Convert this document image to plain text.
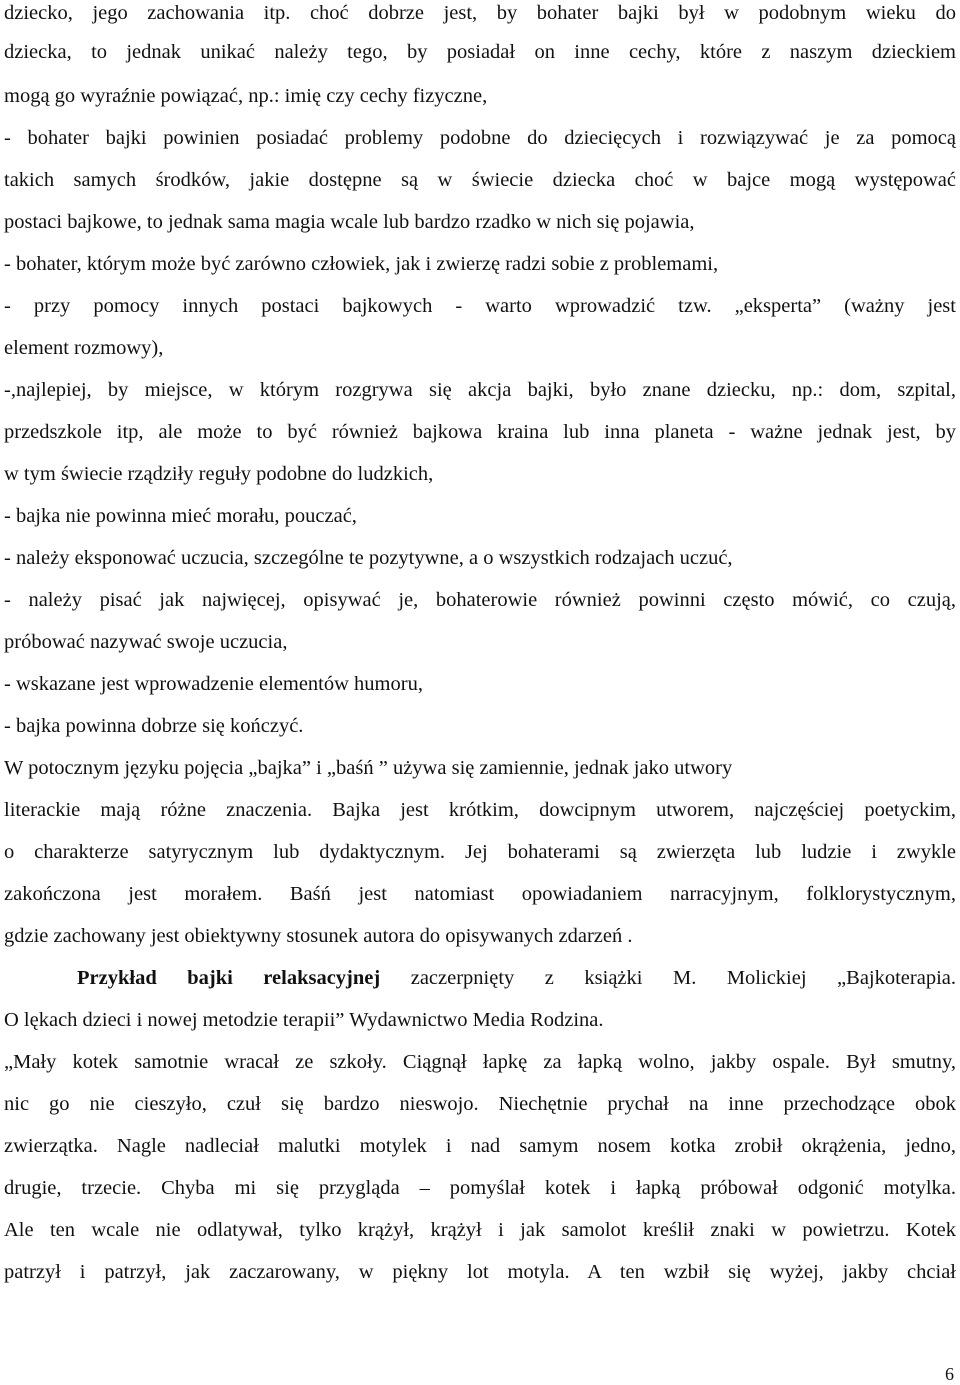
dziecko, jego zachowania itp. choć dobrze jest, by bohater bajki był w podobnym wieku do
dziecka, to jednak unikać należy tego, by posiadał on inne cechy, które z naszym dzieckiem
mogą go wyraźnie powiązać, np.: imię czy cechy fizyczne,
- bohater bajki powinien posiadać problemy podobne do dziecięcych i rozwiązywać je za pomocą
takich samych środków, jakie dostępne są w świecie dziecka choć w bajce mogą występować
postaci bajkowe, to jednak sama magia wcale lub bardzo rzadko w nich się pojawia,
- bohater, którym może być zarówno człowiek, jak i zwierzę radzi sobie z problemami,
- przy pomocy innych postaci bajkowych - warto wprowadzić tzw. „eksperta” (ważny jest
element rozmowy),
-,najlepiej, by miejsce, w którym rozgrywa się akcja bajki, było znane dziecku, np.: dom, szpital,
przedszkole itp, ale może to być również bajkowa kraina lub inna planeta - ważne jednak jest, by
w tym świecie rządziły reguły podobne do ludzkich,
- bajka nie powinna mieć morału, pouczać,
- należy eksponować uczucia, szczególne te pozytywne, a o wszystkich rodzajach uczuć,
- należy pisać jak najwięcej, opisywać je, bohaterowie również powinni często mówić, co czują,
próbować nazywać swoje uczucia,
- wskazane jest wprowadzenie elementów humoru,
- bajka powinna dobrze się kończyć.
W potocznym języku pojęcia „bajka” i „baśń ” używa się zamiennie, jednak jako utwory
literackie mają różne znaczenia. Bajka jest krótkim, dowcipnym utworem, najczęściej poetyckim,
o charakterze satyrycznym lub dydaktycznym. Jej bohaterami są zwierzęta lub ludzie i zwykle
zakończona jest morałem. Baśń jest natomiast opowiadaniem narracyjnym, folklorystycznym,
gdzie zachowany jest obiektywny stosunek autora do opisywanych zdarzeń .
Przykład bajki relaksacyjnej zaczerpnięty z książki M. Molickiej „Bajkoterapia.
O lękach dzieci i nowej metodzie terapii” Wydawnictwo Media Rodzina.
„Mały kotek samotnie wracał ze szkoły. Ciągnął łapkę za łapką wolno, jakby ospale. Był smutny,
nic go nie cieszyło, czuł się bardzo nieswojo. Niechętnie prychał na inne przechodzące obok
zwierzątka. Nagle nadleciał malutki motylek i nad samym nosem kotka zrobił okrążenia, jedno,
drugie, trzecie. Chyba mi się przygląda – pomyślał kotek i łapką próbował odgonić motylka.
Ale ten wcale nie odlatywał, tylko krążył, krążył i jak samolot kreślił znaki w powietrzu. Kotek
patrzył i patrzył, jak zaczarowany, w piękny lot motyla. A ten wzbił się wyżej, jakby chciał
6
